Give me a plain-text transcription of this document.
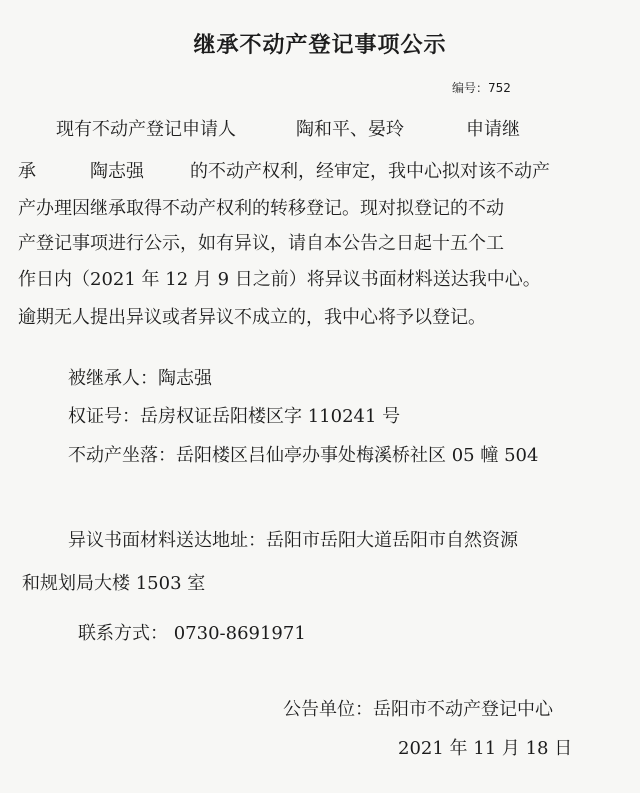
继承不动产登记事项公示
编号：752
现有不动产登记申请人	陶和平、晏玲	申请继
承	陶志强	的不动产权利，经审定，我中心拟对该不动产
产办理因继承取得不动产权利的转移登记。现对拟登记的不动
产登记事项进行公示，如有异议，请自本公告之日起十五个工
作日内（2021 年 12 月 9 日之前）将异议书面材料送达我中心。
逾期无人提出异议或者异议不成立的，我中心将予以登记。
被继承人：陶志强
权证号：岳房权证岳阳楼区字 110241 号
不动产坐落：岳阳楼区吕仙亭办事处梅溪桥社区 05 幢 504
异议书面材料送达地址：岳阳市岳阳大道岳阳市自然资源
和规划局大楼 1503 室
联系方式： 0730-8691971
公告单位：岳阳市不动产登记中心
2021 年 11 月 18 日
